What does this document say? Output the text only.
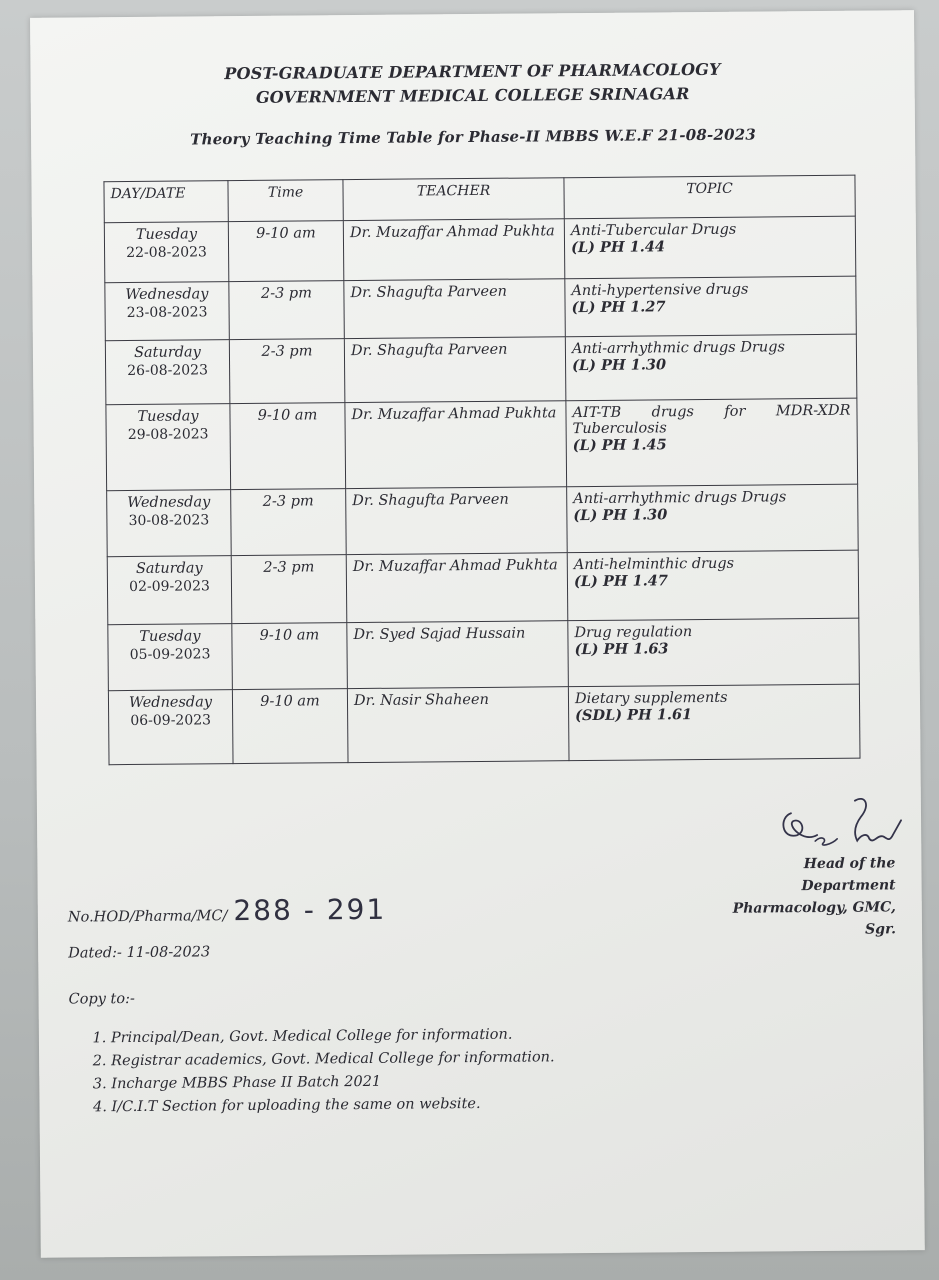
POST-GRADUATE DEPARTMENT OF PHARMACOLOGY
GOVERNMENT MEDICAL COLLEGE SRINAGAR
Theory Teaching Time Table for Phase-II MBBS W.E.F 21-08-2023
DAY/DATE	Time	TEACHER	TOPIC
Tuesday
22-08-2023	9-10 am	Dr. Muzaffar Ahmad Pukhta	Anti-Tubercular Drugs
(L) PH 1.44

Wednesday
23-08-2023	2-3 pm	Dr. Shagufta Parveen	Anti-hypertensive drugs
(L) PH 1.27

Saturday
26-08-2023	2-3 pm	Dr. Shagufta Parveen	Anti-arrhythmic drugs Drugs
(L) PH 1.30

Tuesday
29-08-2023	9-10 am	Dr. Muzaffar Ahmad Pukhta	AIT-TB drugs for MDR-XDR Tuberculosis
(L) PH 1.45

Wednesday
30-08-2023	2-3 pm	Dr. Shagufta Parveen	Anti-arrhythmic drugs Drugs
(L) PH 1.30

Saturday
02-09-2023	2-3 pm	Dr. Muzaffar Ahmad Pukhta	Anti-helminthic drugs
(L) PH 1.47

Tuesday
05-09-2023	9-10 am	Dr. Syed Sajad Hussain	Drug regulation
(L) PH 1.63

Wednesday
06-09-2023	9-10 am	Dr. Nasir Shaheen	Dietary supplements
(SDL) PH 1.61
Head of the Department
Pharmacology, GMC, Sgr.
No.HOD/Pharma/MC/ 288 - 291
Dated:- 11-08-2023
Copy to:-
1. Principal/Dean, Govt. Medical College for information.
2. Registrar academics, Govt. Medical College for information.
3. Incharge MBBS Phase II Batch 2021
4. I/C.I.T Section for uploading the same on website.
